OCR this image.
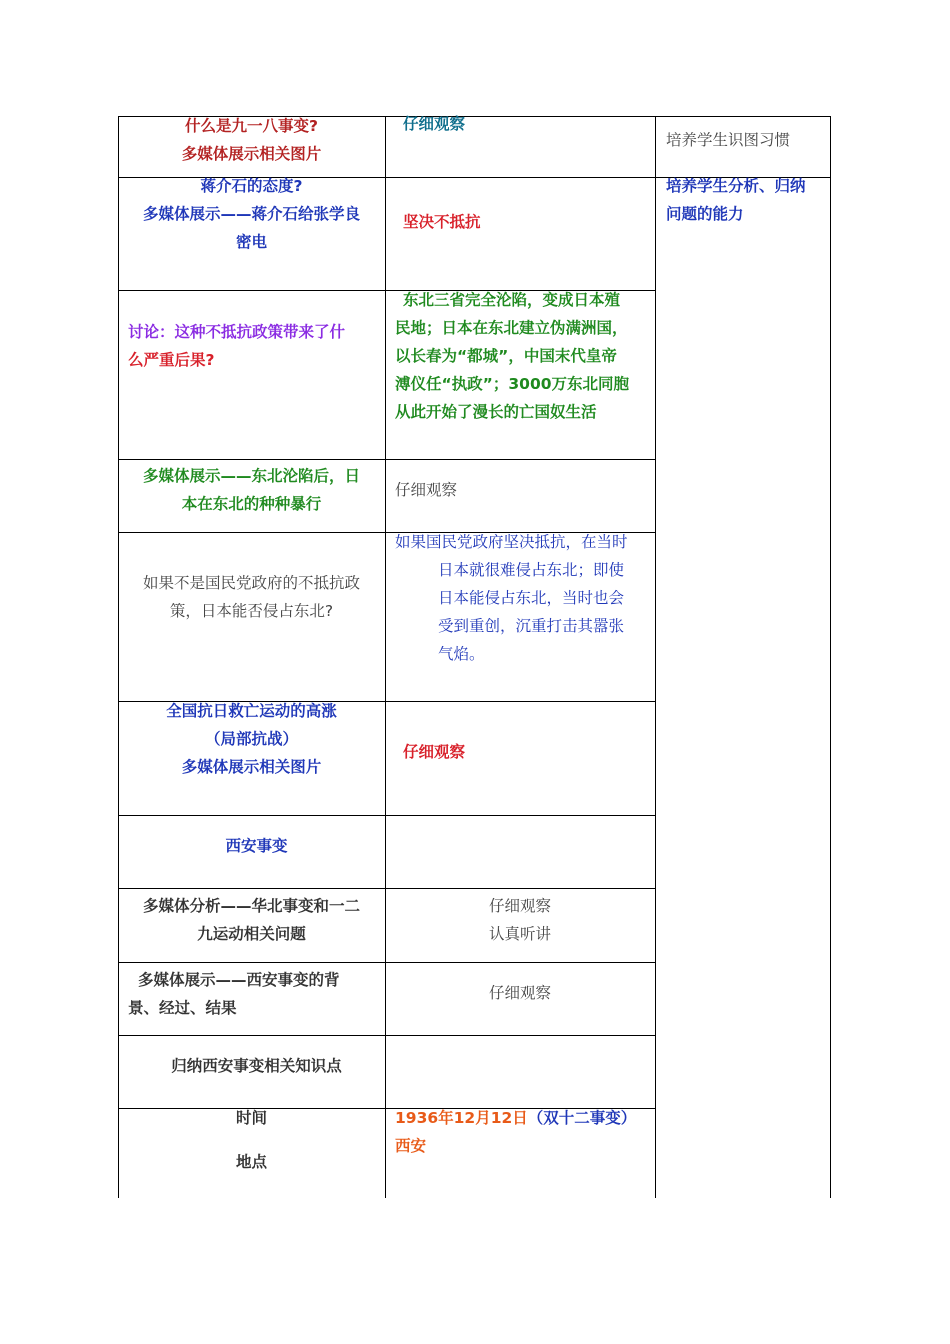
什么是九一八事变?
多媒体展示相关图片
仔细观察
培养学生识图习惯
蒋介石的态度?
多媒体展示——蒋介石给张学良
密电
坚决不抵抗
培养学生分析、归纳
问题的能力
讨论：这种不抵抗政策带来了什
么严重后果?
东北三省完全沦陷，变成日本殖
民地；日本在东北建立伪满洲国，
以长春为“都城”，中国末代皇帝
溥仪任“执政”；3000万东北同胞
从此开始了漫长的亡国奴生活
多媒体展示——东北沦陷后，日
本在东北的种种暴行
仔细观察
如果不是国民党政府的不抵抗政
策，日本能否侵占东北?
如果国民党政府坚决抵抗，在当时
日本就很难侵占东北；即使
日本能侵占东北，当时也会
受到重创，沉重打击其嚣张
气焰。
全国抗日救亡运动的高涨
（局部抗战）
多媒体展示相关图片
仔细观察
西安事变
多媒体分析——华北事变和一二
九运动相关问题
仔细观察
认真听讲
多媒体展示——西安事变的背
景、经过、结果
仔细观察
归纳西安事变相关知识点
时间
地点
1936年12月12日（双十二事变）
西安
